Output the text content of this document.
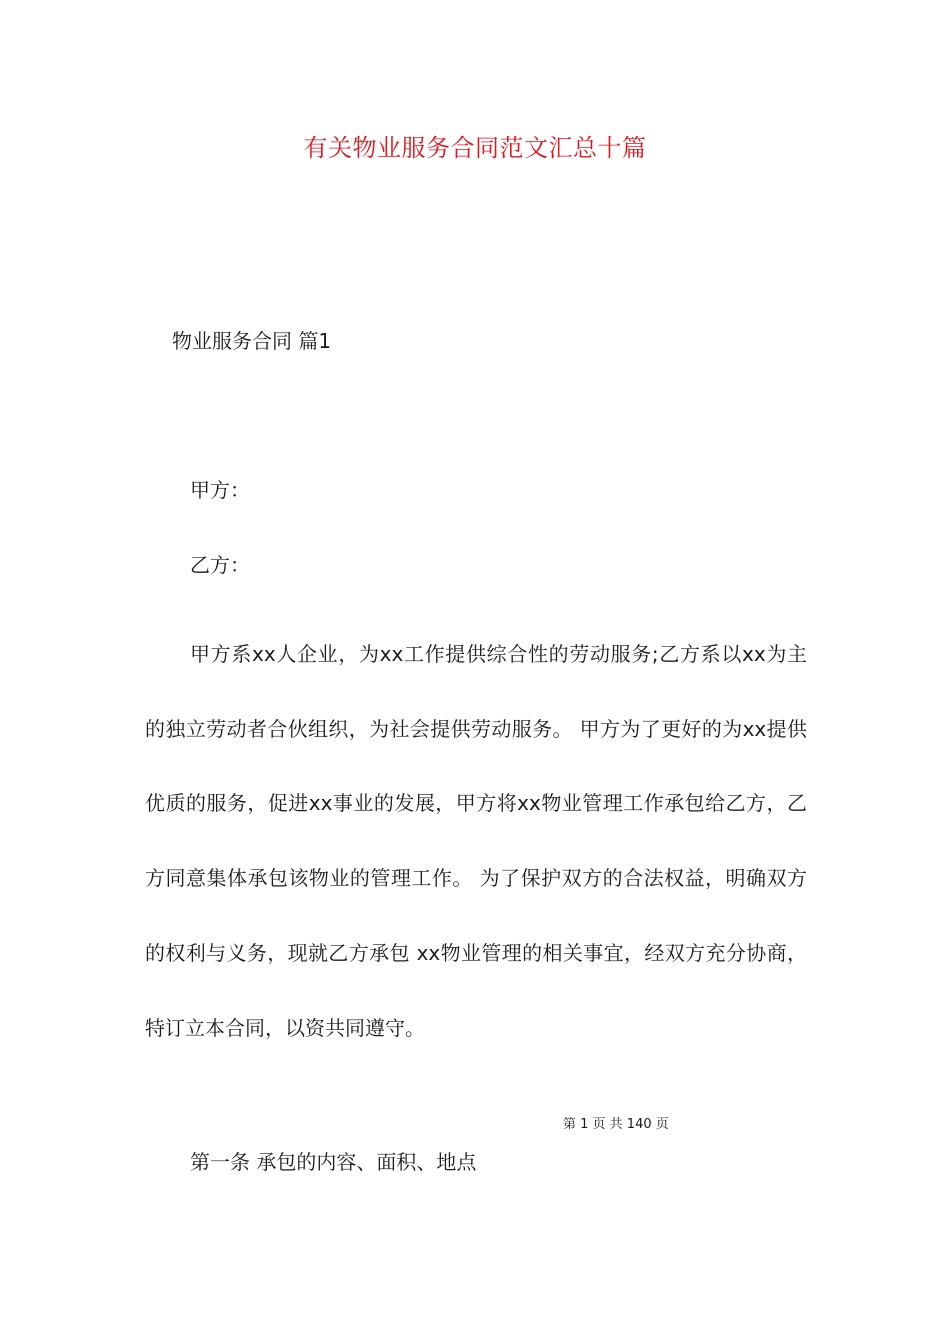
有关物业服务合同范文汇总十篇
物业服务合同 篇1

甲方：

乙方：

甲方系xx人企业，为xx工作提供综合性的劳动服务;乙方系以xx为主的独立劳动者合伙组织，为社会提供劳动服务。 甲方为了更好的为xx提供优质的服务，促进xx事业的发展，甲方将xx物业管理工作承包给乙方，乙方同意集体承包该物业的管理工作。 为了保护双方的合法权益，明确双方的权利与义务，现就乙方承包 xx物业管理的相关事宜，经双方充分协商，特订立本合同，以资共同遵守。

第 1 页 共 140 页

第一条 承包的内容、面积、地点
